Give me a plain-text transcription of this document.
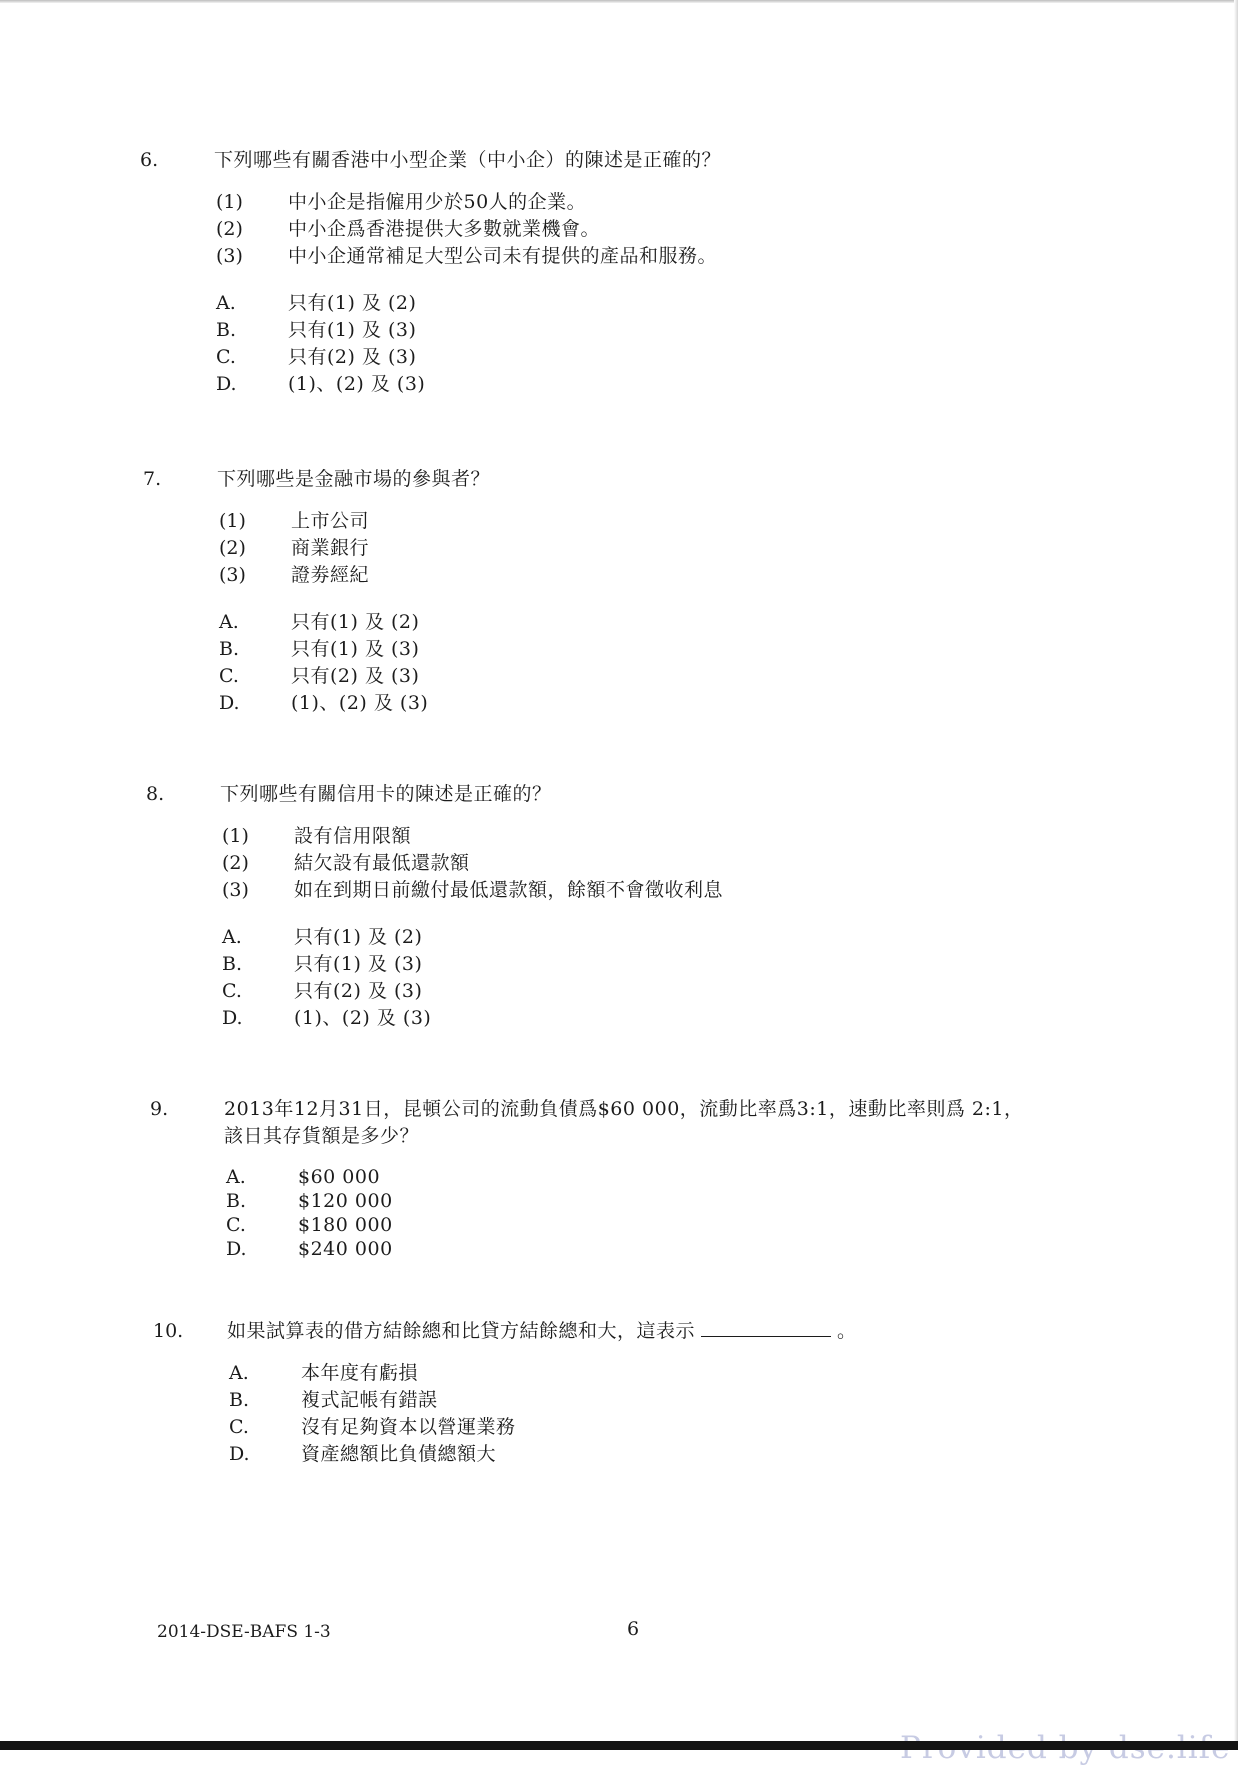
6.	下列哪些有關香港中小型企業（中小企）的陳述是正確的？
(1) 中小企是指僱用少於50人的企業。
(2) 中小企爲香港提供大多數就業機會。
(3) 中小企通常補足大型公司未有提供的產品和服務。
A.	只有(1) 及 (2)
B.	只有(1) 及 (3)
C.	只有(2) 及 (3)
D.	(1)、(2) 及 (3)
7.	下列哪些是金融市場的參與者？
(1) 上市公司
(2) 商業銀行
(3) 證劵經紀
A.	只有(1) 及 (2)
B.	只有(1) 及 (3)
C.	只有(2) 及 (3)
D.	(1)、(2) 及 (3)
8.	下列哪些有關信用卡的陳述是正確的？
(1) 設有信用限額
(2) 結欠設有最低還款額
(3) 如在到期日前繳付最低還款額，餘額不會徵收利息
A.	只有(1) 及 (2)
B.	只有(1) 及 (3)
C.	只有(2) 及 (3)
D.	(1)、(2) 及 (3)
9.	2013年12月31日，昆頓公司的流動負債爲$60 000，流動比率爲3:1，速動比率則爲 2:1，
該日其存貨額是多少？
A.	$60 000
B.	$120 000
C.	$180 000
D.	$240 000
10. 如果試算表的借方結餘總和比貸方結餘總和大，這表示	。
A.	本年度有虧損
B.	複式記帳有錯誤
C.	沒有足夠資本以營運業務
D.	資產總額比負債總額大
2014-DSE-BAFS 1-3	6
